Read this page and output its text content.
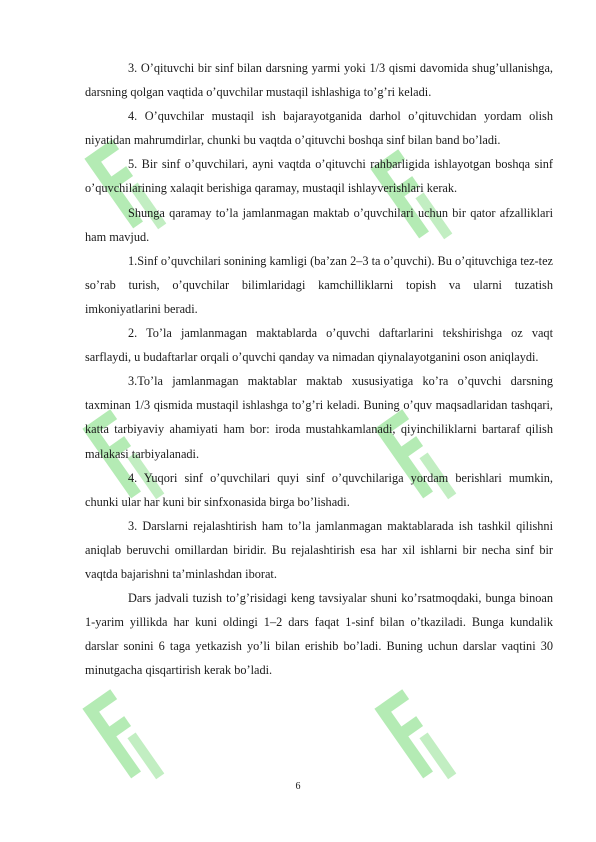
3. O’qituvchi bir sinf bilan darsning yarmi yoki 1/3 qismi davomida shug’ullanishga, darsning qolgan vaqtida o’quvchilar mustaqil ishlashiga to’g’ri keladi.

4. O’quvchilar mustaqil ish bajarayotganida darhol o’qituvchidan yordam olish niyatidan mahrumdirlar, chunki bu vaqtda o’qituvchi boshqa sinf bilan band bo’ladi.

5. Bir sinf o’quvchilari, ayni vaqtda o’qituvchi rahbarligida ishlayotgan boshqa sinf o’quvchilarining xalaqit berishiga qaramay, mustaqil ishlayverishlari kerak.

Shunga qaramay to’la jamlanmagan maktab o’quvchilari uchun bir qator afzalliklari ham mavjud.

1.Sinf o’quvchilari sonining kamligi (ba’zan 2–3 ta o’quvchi). Bu o’qituvchiga tez-tez so’rab turish, o’quvchilar bilimlaridagi kamchilliklarni topish va ularni tuzatish imkoniyatlarini beradi.

2. To’la jamlanmagan maktablarda o’quvchi daftarlarini tekshirishga oz vaqt sarflaydi, u budaftarlar orqali o’quvchi qanday va nimadan qiynalayotganini oson aniqlaydi.

3.To’la jamlanmagan maktablar maktab xususiyatiga ko’ra o’quvchi darsning taxminan 1/3 qismida mustaqil ishlashga to’g’ri keladi. Buning o’quv maqsadlaridan tashqari, katta tarbiyaviy ahamiyati ham bor: iroda mustahkamlanadi, qiyinchiliklarni bartaraf qilish malakasi tarbiyalanadi.

4. Yuqori sinf o’quvchilari quyi sinf o’quvchilariga yordam berishlari mumkin, chunki ular har kuni bir sinfxonasida birga bo’lishadi.

3. Darslarni rejalashtirish ham to’la jamlanmagan maktablarada ish tashkil qilishni aniqlab beruvchi omillardan biridir. Bu rejalashtirish esa har xil ishlarni bir necha sinf bir vaqtda bajarishni ta’minlashdan iborat.

Dars jadvali tuzish to’g’risidagi keng tavsiyalar shuni ko’rsatmoqdaki, bunga binoan 1-yarim yillikda har kuni oldingi 1–2 dars faqat 1-sinf bilan o’tkaziladi. Bunga kundalik darslar sonini 6 taga yetkazish yo’li bilan erishib bo’ladi. Buning uchun darslar vaqtini 30 minutgacha qisqartirish kerak bo’ladi.

6
